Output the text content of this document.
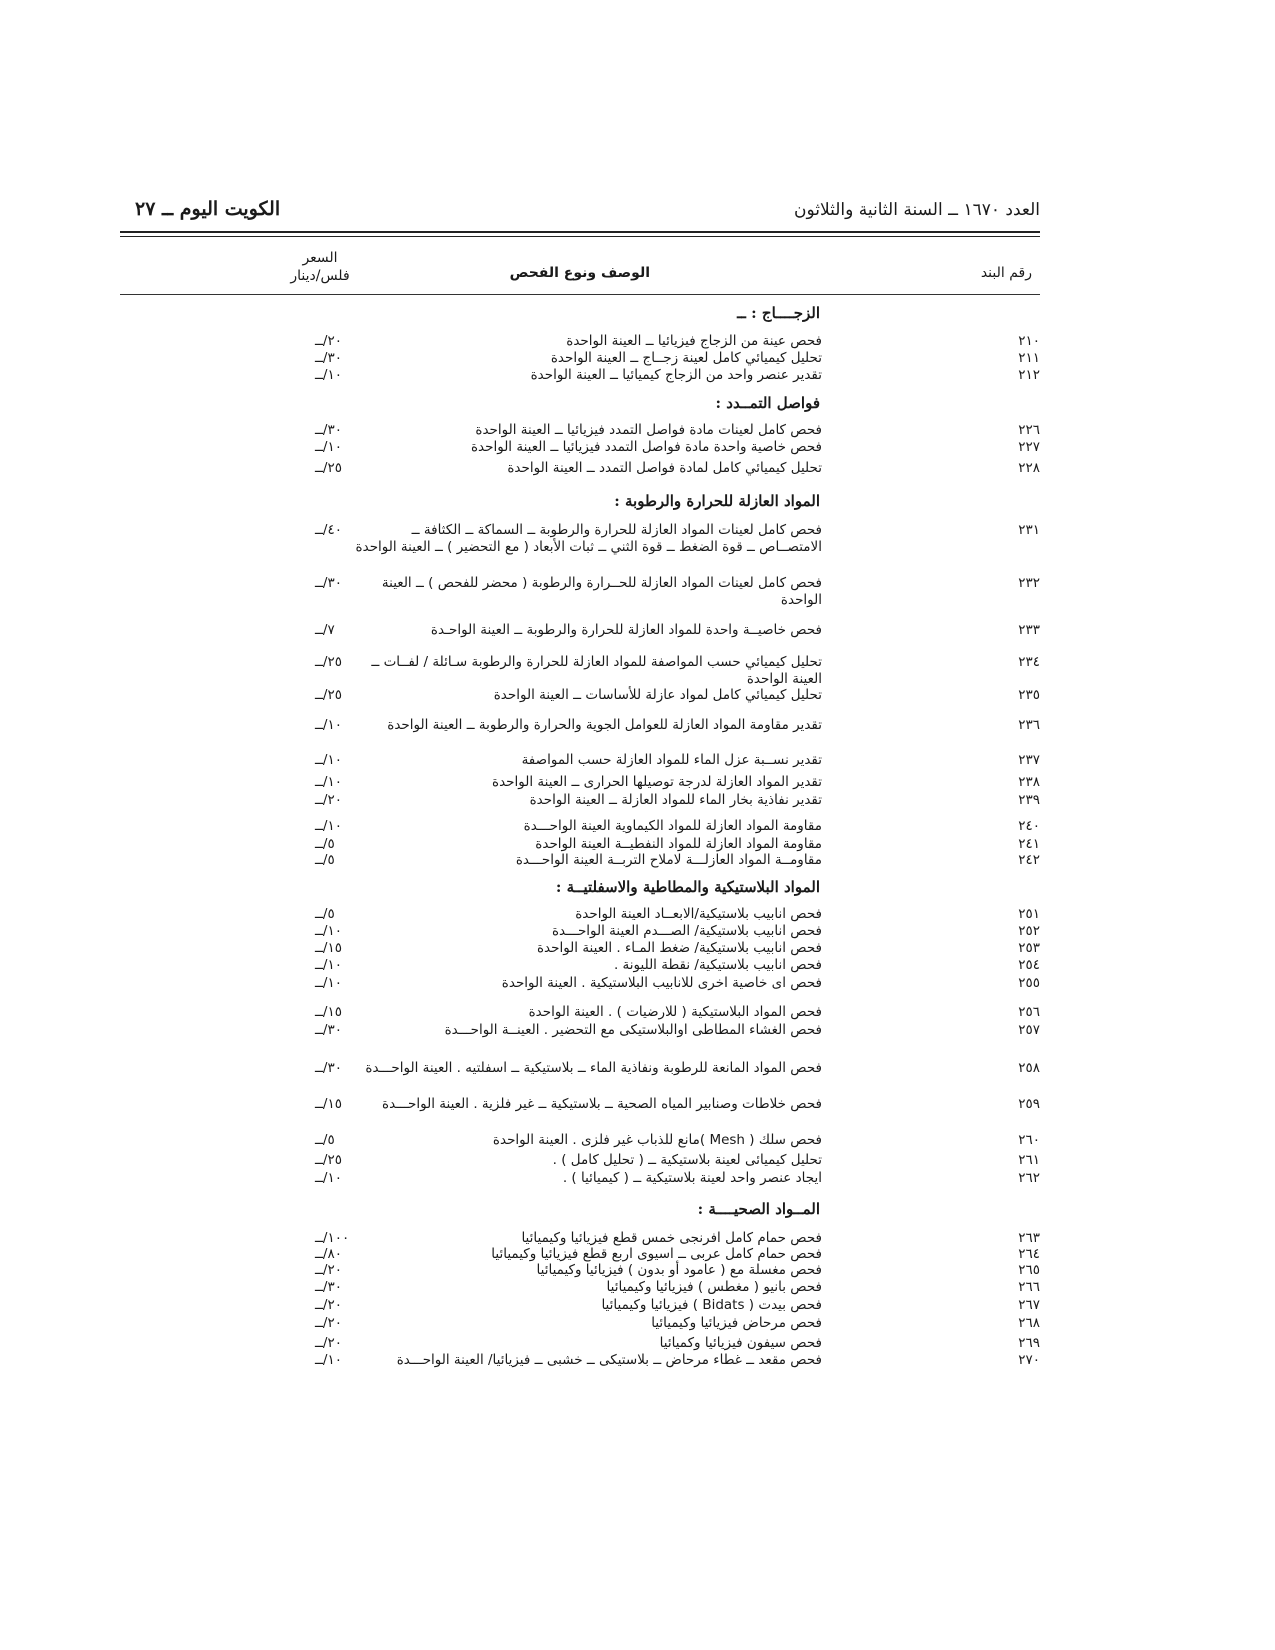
العدد ١٦٧٠ ــ السنة الثانية والثلاثون
الكويت اليوم ــ ٢٧
رقم البند
الوصف ونوع الفحص
السعر
فلس/دينار
الزجــــاج : ــ
٢١٠
فحص عينة من الزجاج فيزيائيا ــ العينة الواحدة
٢٠/ــ
٢١١
تحليل كيميائي كامل لعينة زجــاج ــ العينة الواحدة
٣٠/ــ
٢١٢
تقدير عنصر واحد من الزجاج كيميائيا ــ العينة الواحدة
١٠/ــ
فواصل التمــدد :
٢٢٦
فحص كامل لعينات مادة فواصل التمدد فيزيائيا ــ العينة الواحدة
٣٠/ــ
٢٢٧
فحص خاصية واحدة مادة فواصل التمدد فيزيائيا ــ العينة الواحدة
١٠/ــ
٢٢٨
تحليل كيميائي كامل لمادة فواصل التمدد ــ العينة الواحدة
٢٥/ــ
المواد العازلة للحرارة والرطوبة :
٢٣١
فحص كامل لعينات المواد العازلة للحرارة والرطوبة ــ السماكة ــ الكثافة ــ الامتصــاص ــ قوة الضغط ــ قوة الثني ــ ثبات الأبعاد ( مع التحضير ) ــ العينة الواحدة
٤٠/ــ
٢٣٢
فحص كامل لعينات المواد العازلة للحــرارة والرطوبة ( محضر للفحص ) ــ العينة الواحدة
٣٠/ــ
٢٣٣
فحص خاصيــة واحدة للمواد العازلة للحرارة والرطوبة ــ العينة الواحـدة
٧/ــ
٢٣٤
تحليل كيميائي حسب المواصفة للمواد العازلة للحرارة والرطوبة سـائلة / لفــات ــ العينة الواحدة
٢٥/ــ
٢٣٥
تحليل كيميائي كامل لمواد عازلة للأساسات ــ العينة الواحدة
٢٥/ــ
٢٣٦
تقدير مقاومة المواد العازلة للعوامل الجوية والحرارة والرطوبة ــ العينة الواحدة
١٠/ــ
٢٣٧
تقدير نســبة عزل الماء للمواد العازلة حسب المواصفة
١٠/ــ
٢٣٨
تقدير المواد العازلة لدرجة توصيلها الحرارى ــ العينة الواحدة
١٠/ــ
٢٣٩
تقدير نفاذية بخار الماء للمواد العازلة ــ العينة الواحدة
٢٠/ــ
٢٤٠
مقاومة المواد العازلة للمواد الكيماوية العينة الواحـــدة
١٠/ــ
٢٤١
مقاومة المواد العازلة للمواد النفطيــة العينة الواحدة
٥/ــ
٢٤٢
مقاومــة المواد العازلـــة لاملاح التربــة العينة الواحـــدة
٥/ــ
المواد البلاستيكية والمطاطية والاسفلتيــة :
٢٥١
فحص انابيب بلاستيكية/الابعــاد العينة الواحدة
٥/ــ
٢٥٢
فحص انابيب بلاستيكية/ الصـــدم العينة الواحـــدة
١٠/ــ
٢٥٣
فحص انابيب بلاستيكية/ ضغط المـاء . العينة الواحدة
١٥/ــ
٢٥٤
فحص انابيب بلاستيكية/ نقطة الليونة .
١٠/ــ
٢٥٥
فحص اى خاصية اخرى للانابيب البلاستيكية . العينة الواحدة
١٠/ــ
٢٥٦
فحص المواد البلاستيكية ( للارضيات ) . العينة الواحدة
١٥/ــ
٢٥٧
فحص الغشاء المطاطى اوالبلاستيكى مع التحضير . العينــة الواحـــدة
٣٠/ــ
٢٥٨
فحص المواد المانعة للرطوبة ونفاذية الماء ــ بلاستيكية ــ اسفلتيه . العينة الواحـــدة
٣٠/ــ
٢٥٩
فحص خلاطات وصنابير المياه الصحية ــ بلاستيكية ــ غير فلزية . العينة الواحـــدة
١٥/ــ
٢٦٠
فحص سلك ( Mesh )مانع للذباب غير فلزى . العينة الواحدة
٥/ــ
٢٦١
تحليل كيميائى لعينة بلاستيكية ــ ( تحليل كامل ) .
٢٥/ــ
٢٦٢
ايجاد عنصر واحد لعينة بلاستيكية ــ ( كيميائيا ) .
١٠/ــ
المــواد الصحيــــة :
٢٦٣
فحص حمام كامل افرنجى خمس قطع فيزيائيا وكيميائيا
١٠٠/ــ
٢٦٤
فحص حمام كامل عربى ــ اسيوى اربع قطع فيزيائيا وكيميائيا
٨٠/ــ
٢٦٥
فحص مغسلة مع ( عامود أو بدون ) فيزيائيا وكيميائيا
٢٠/ــ
٢٦٦
فحص بانيو ( مغطس ) فيزيائيا وكيميائيا
٣٠/ــ
٢٦٧
فحص بيدت ( Bidats ) فيزيائيا وكيميائيا
٢٠/ــ
٢٦٨
فحص مرحاض فيزيائيا وكيميائيا
٢٠/ــ
٢٦٩
فحص سيفون فيزيائيا وكميائيا
٢٠/ــ
٢٧٠
فحص مقعد ــ غطاء مرحاض ــ بلاستيكى ــ خشبى ــ فيزيائيا/ العينة الواحـــدة
١٠/ــ
